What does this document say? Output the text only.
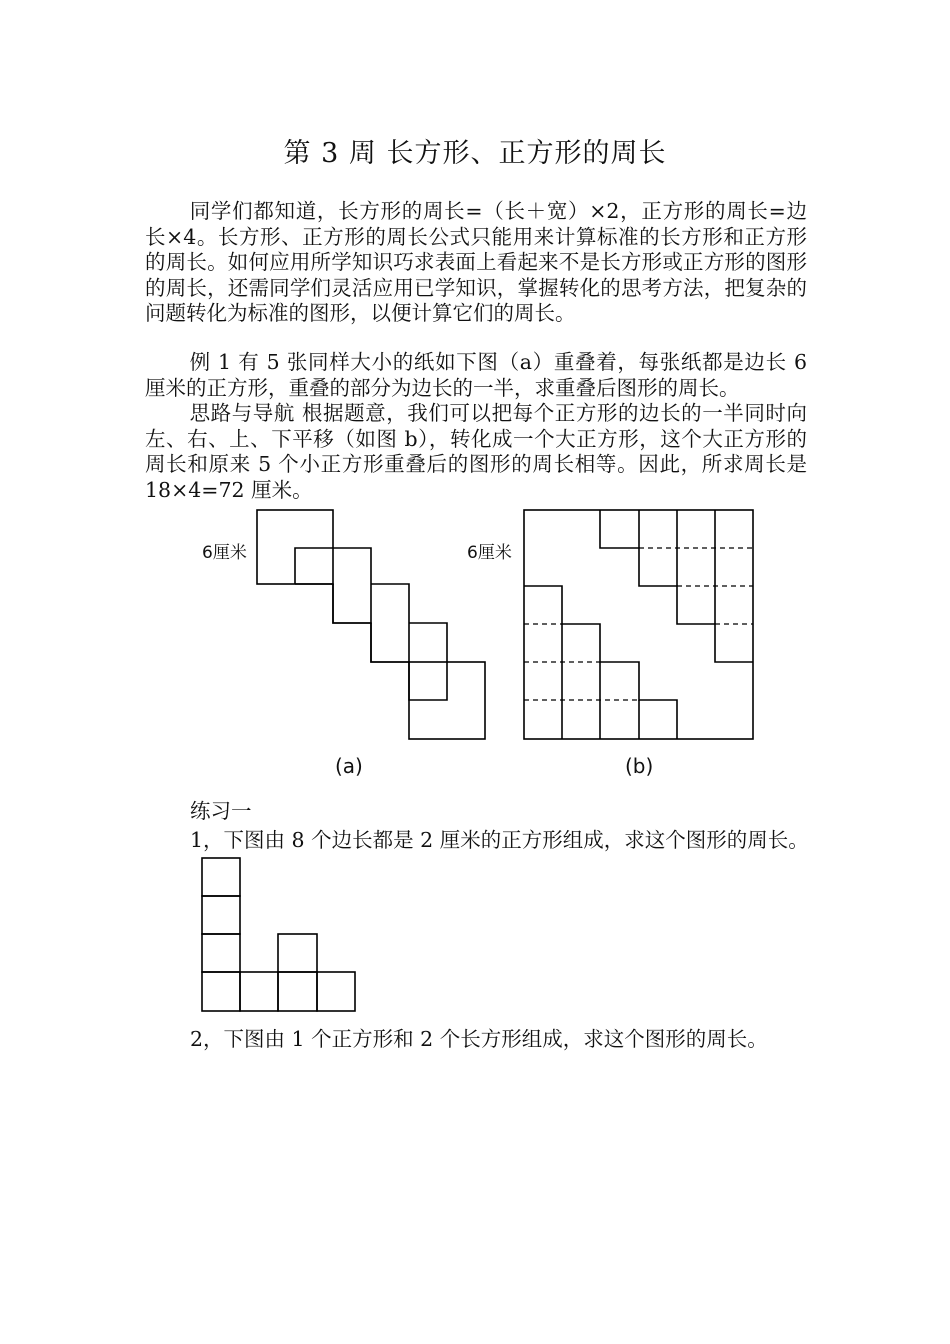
第 3 周 长方形、正方形的周长

同学们都知道，长方形的周长=（长＋宽）×2，正方形的周长=边长×4。长方形、正方形的周长公式只能用来计算标准的长方形和正方形的周长。如何应用所学知识巧求表面上看起来不是长方形或正方形的图形的周长，还需同学们灵活应用已学知识，掌握转化的思考方法，把复杂的问题转化为标准的图形，以便计算它们的周长。

例 1 有 5 张同样大小的纸如下图（a）重叠着，每张纸都是边长 6 厘米的正方形，重叠的部分为边长的一半，求重叠后图形的周长。

思路与导航 根据题意，我们可以把每个正方形的边长的一半同时向左、右、上、下平移（如图 b），转化成一个大正方形，这个大正方形的周长和原来 5 个小正方形重叠后的图形的周长相等。因此，所求周长是 18×4=72 厘米。

6厘米
(a)
6厘米
(b)
练习一
1，下图由 8 个边长都是 2 厘米的正方形组成，求这个图形的周长。
2，下图由 1 个正方形和 2 个长方形组成，求这个图形的周长。
